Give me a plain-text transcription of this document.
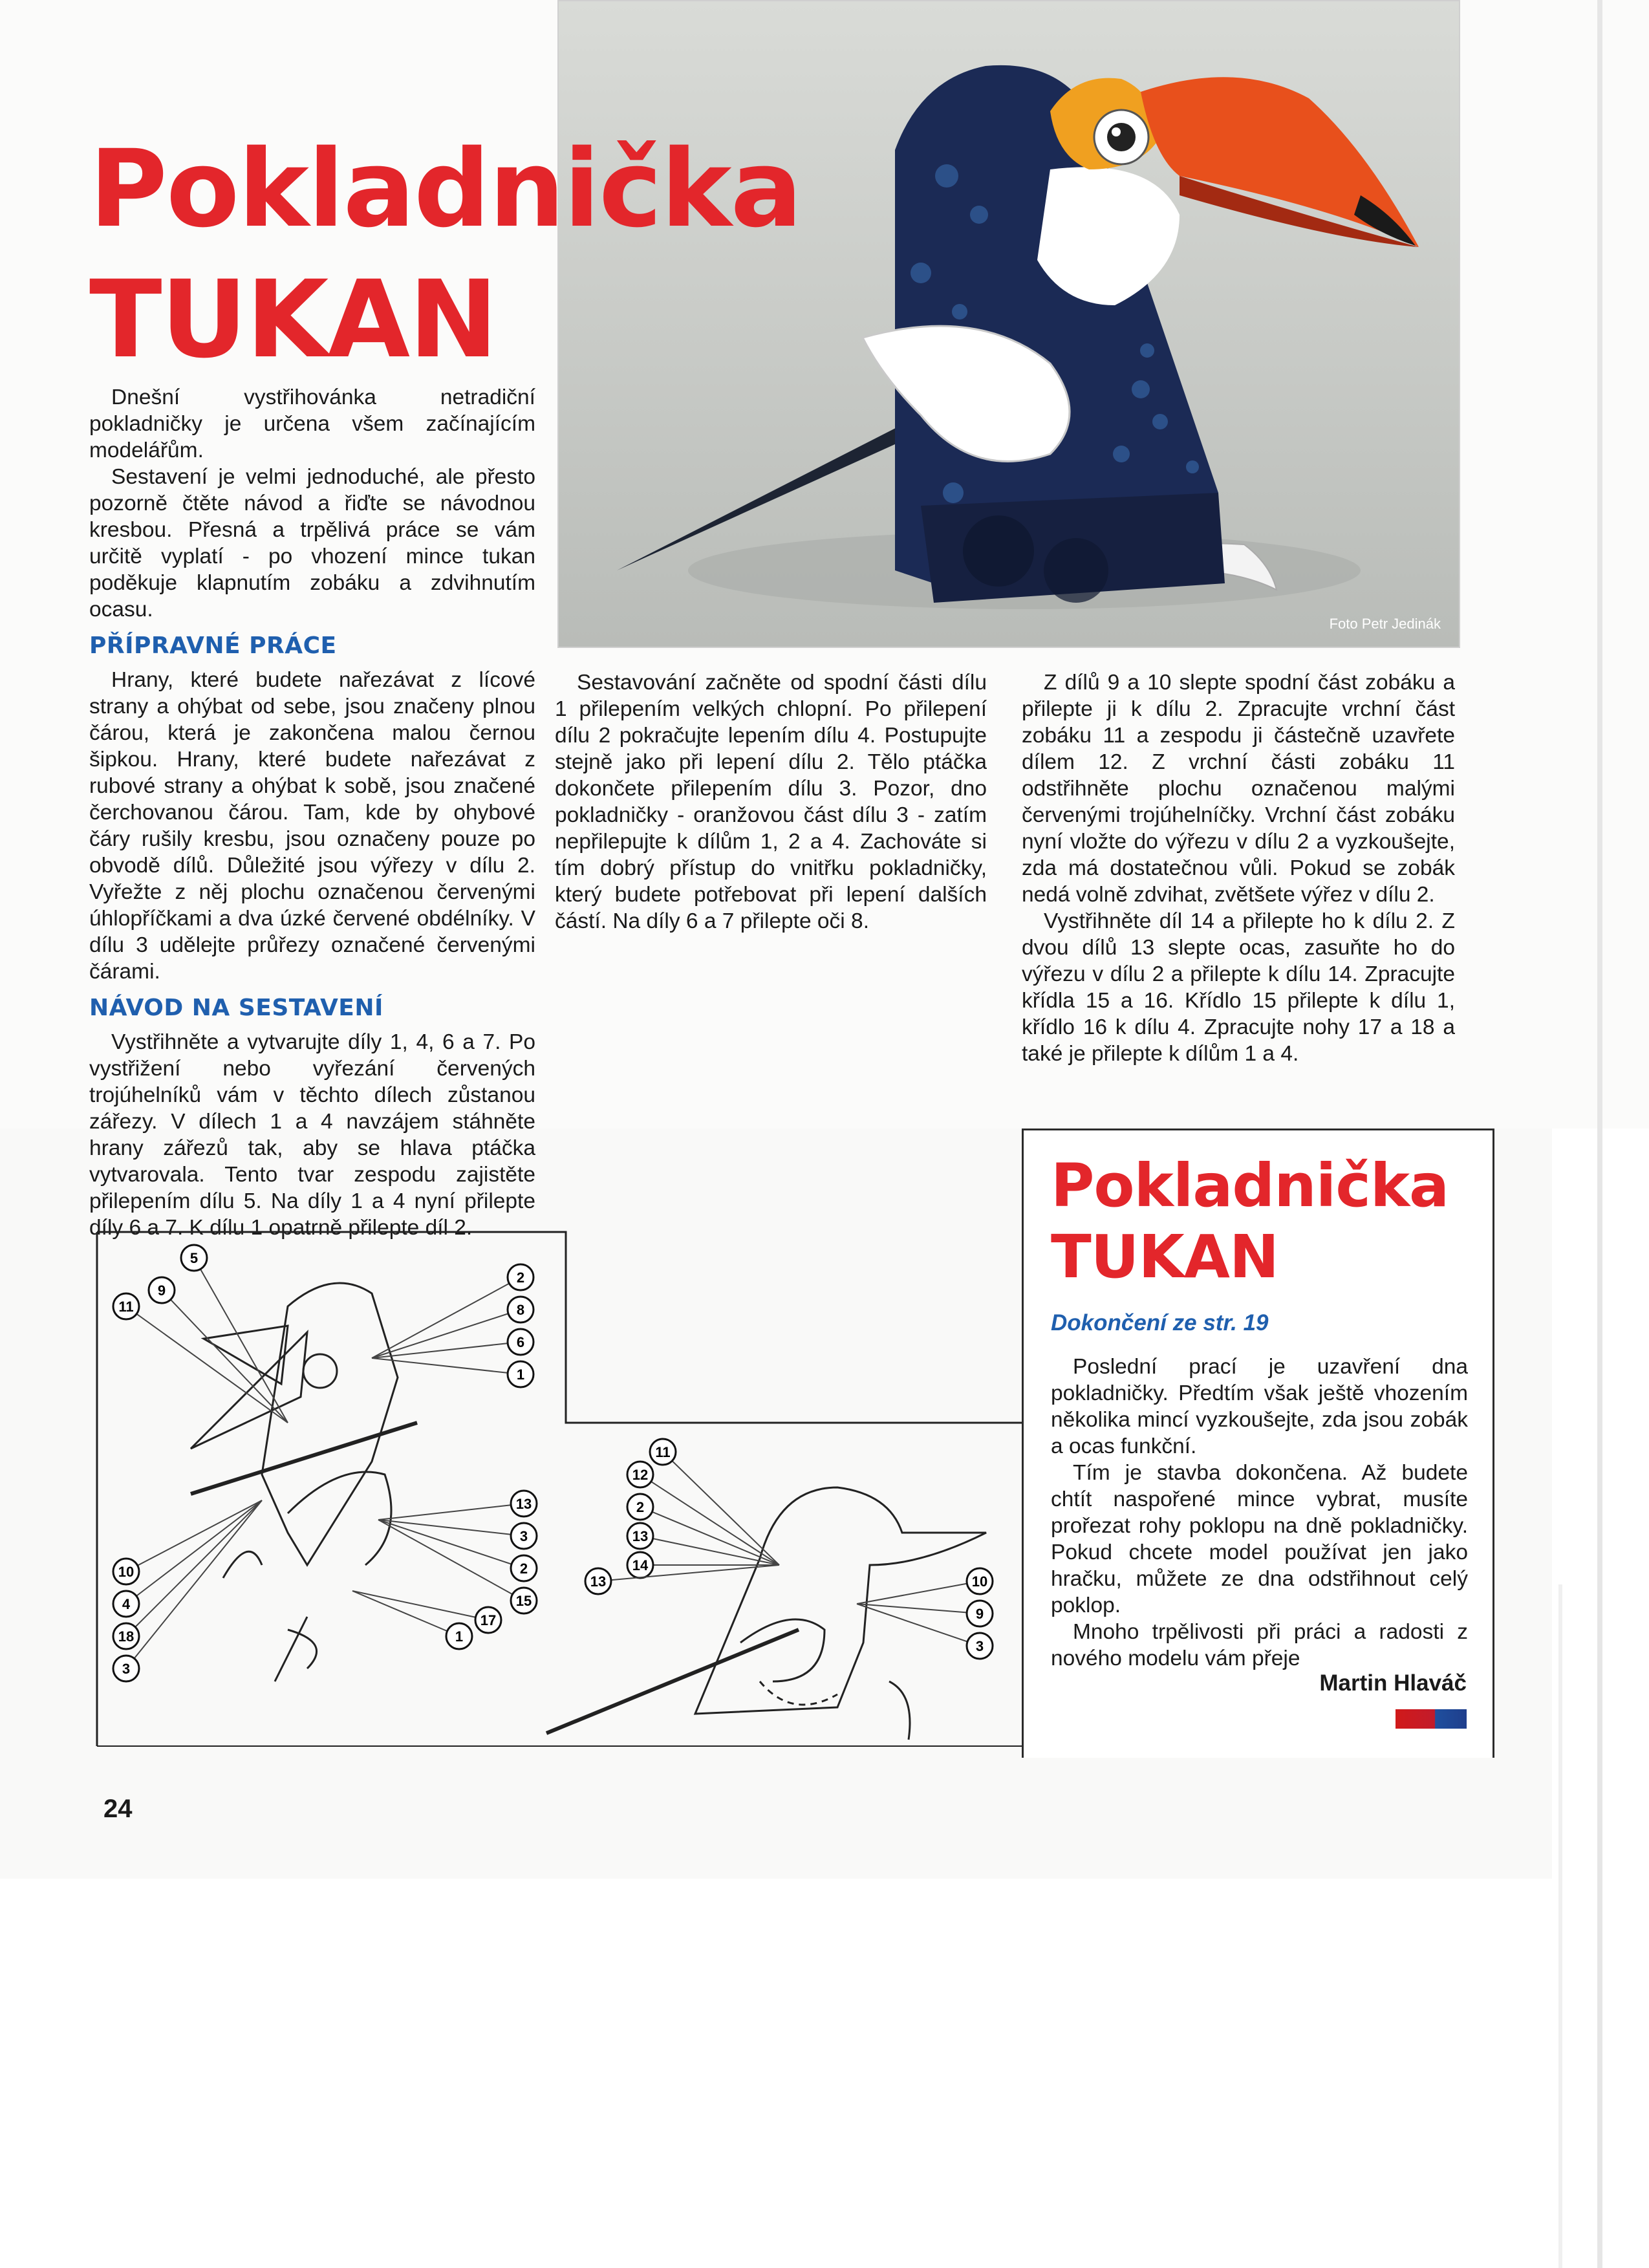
Foto Petr Jedinák
Pokladnička
TUKAN

Dnešní vystřihovánka netradiční pokladničky je určena všem začínajícím modelářům.

Sestavení je velmi jednoduché, ale přesto pozorně čtěte návod a řiďte se návodnou kresbou. Přesná a trpělivá práce se vám určitě vyplatí - po vhození mince tukan poděkuje klapnutím zobáku a zdvihnutím ocasu.

PŘÍPRAVNÉ PRÁCE

Hrany, které budete nařezávat z lícové strany a ohýbat od sebe, jsou značeny plnou čárou, která je zakončena malou černou šipkou. Hrany, které budete nařezávat z rubové strany a ohýbat k sobě, jsou značené čerchovanou čárou. Tam, kde by ohybové čáry rušily kresbu, jsou označeny pouze po obvodě dílů. Důležité jsou výřezy v dílu 2. Vyřežte z něj plochu označenou červenými úhlopříčkami a dva úzké červené obdélníky. V dílu 3 udělejte průřezy označené červenými čárami.

NÁVOD NA SESTAVENÍ

Vystřihněte a vytvarujte díly 1, 4, 6 a 7. Po vystřižení nebo vyřezání červených trojúhelníků vám v těchto dílech zůstanou zářezy. V dílech 1 a 4 navzájem stáhněte hrany zářezů tak, aby se hlava ptáčka vytvarovala. Tento tvar zespodu zajistěte přilepením dílu 5. Na díly 1 a 4 nyní přilepte díly 6 a 7. K dílu 1 opatrně přilepte díl 2.

Sestavování začněte od spodní části dílu 1 přilepením velkých chlopní. Po přilepení dílu 2 pokračujte lepením dílu 4. Postupujte stejně jako při lepení dílu 2. Tělo ptáčka dokončete přilepením dílu 3. Pozor, dno pokladničky - oranžovou část dílu 3 - zatím nepřilepujte k dílům 1, 2 a 4. Zachováte si tím dobrý přístup do vnitřku pokladničky, který budete potřebovat při lepení dalších částí. Na díly 6 a 7 přilepte oči 8.

Z dílů 9 a 10 slepte spodní část zobáku a přilepte ji k dílu 2. Zpracujte vrchní část zobáku 11 a zespodu ji částečně uzavřete dílem 12. Z vrchní části zobáku 11 odstřihněte plochu označenou malými červenými trojúhelníčky. Vrchní část zobáku nyní vložte do výřezu v dílu 2 a vyzkoušejte, zda má dostatečnou vůli. Pokud se zobák nedá volně zdvihat, zvětšete výřez v dílu 2.

Vystřihněte díl 14 a přilepte ho k dílu 2. Z dvou dílů 13 slepte ocas, zasuňte ho do výřezu v dílu 2 a přilepte k dílu 14. Zpracujte křídla 15 a 16. Křídlo 15 přilepte k dílu 1, křídlo 16 k dílu 4. Zpracujte nohy 17 a 18 a také je přilepte k dílům 1 a 4.

11
9
5
2
8
6
1
13
3
2
15
10
4
18
3
17
1
11
12
2
13
14
13	10
9
3
24
Pokladnička
TUKAN
Dokončení ze str. 19

Poslední prací je uzavření dna pokladničky. Předtím však ještě vhozením několika mincí vyzkoušejte, zda jsou zobák a ocas funkční.

Tím je stavba dokončena. Až budete chtít naspořené mince vybrat, musíte prořezat rohy poklopu na dně pokladničky. Pokud chcete model používat jen jako hračku, můžete ze dna odstřihnout celý poklop.

Mnoho trpělivosti při práci a radosti z nového modelu vám přeje

Martin Hlaváč
